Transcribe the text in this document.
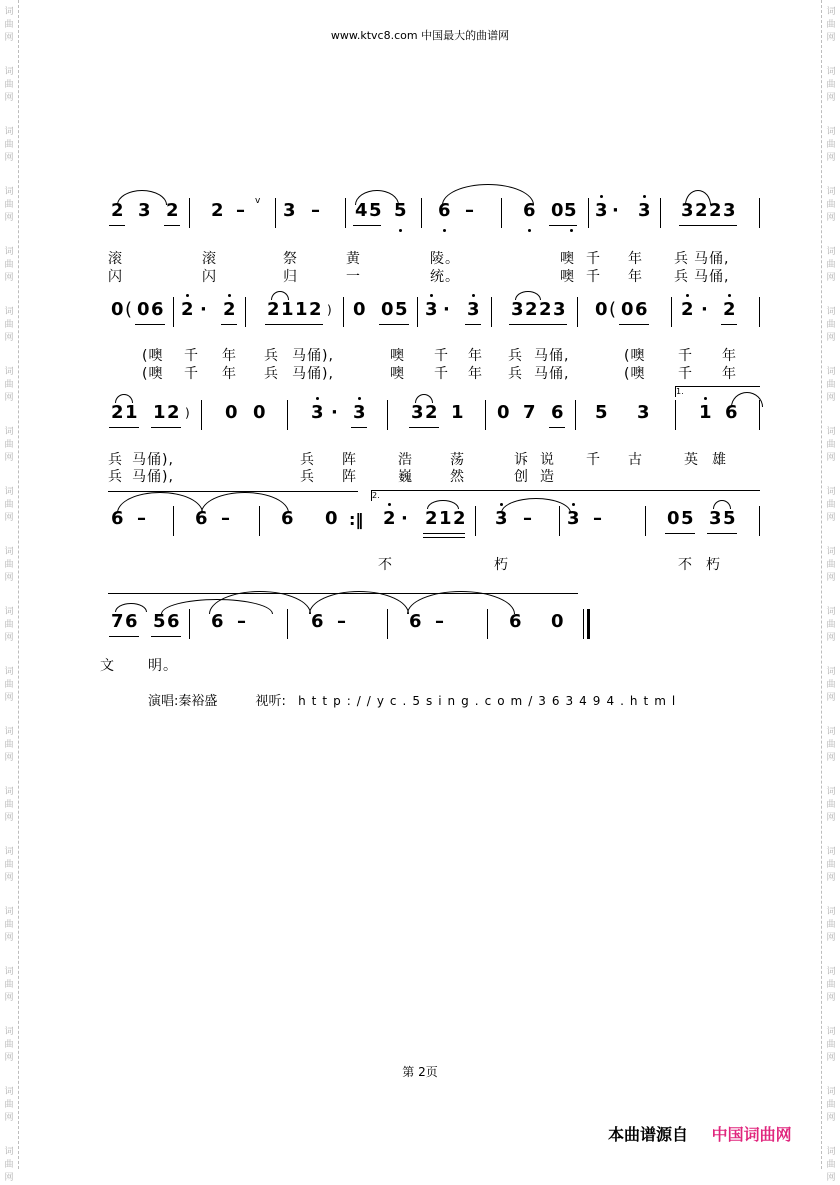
词
曲
网
词
曲
网
词
曲
网
词
曲
网
词
曲
网
词
曲
网
词
曲
网
词
曲
网
词
曲
网
词
曲
网
词
曲
网
词
曲
网
词
曲
网
词
曲
网
词
曲
网
词
曲
网
词
曲
网
词
曲
网
词
曲
网
词
曲
网
词
曲
网
词
曲
网
词
曲
网
词
曲
网
词
曲
网
词
曲
网
词
曲
网
词
曲
网
词
曲
网
词
曲
网
词
曲
网
词
曲
网
词
曲
网
词
曲
网
词
曲
网
词
曲
网
词
曲
网
词
曲
网
词
曲
网
词
曲
网
www.ktvc8.com 中国最大的曲谱网
2 3 2 2 – v 3 – 4 5 5 6 –	6 0 5 3 · 3 3 2 2 3
滚	滚	祭	黄	陵。	噢 千 年 兵 马俑,
闪	闪	归	一	统。	噢 千 年 兵 马俑,
0 ( 0 6 2 · 2 2 1 1 2 ) 0 0 5 3 · 3 3 2 2 3 0 ( 0 6 2 · 2
(噢 千 年 兵 马俑),	噢 千 年 兵 马俑,	(噢 千 年
(噢 千 年 兵 马俑),	噢 千 年 兵 马俑,	(噢 千 年
2 1 1 2 ) 0 0	3 · 3	3 2 1 0 7 6 5 3
1.
1 6
兵 马俑),	兵 阵	浩	荡	诉 说 千 古	英 雄
兵 马俑),	兵 阵	巍	然	创 造
6 –	6 –	6 0 :‖
2.
2 · 2 1 2 3 – 3 –	0 5 3 5
不	朽	不 朽
7 6 5 6 6 –	6 –	6 –	6 0
文 明。
演唱:秦裕盛	视听: http://yc.5sing.com/363494.html
第 2页
本曲谱源自 中国词曲网
